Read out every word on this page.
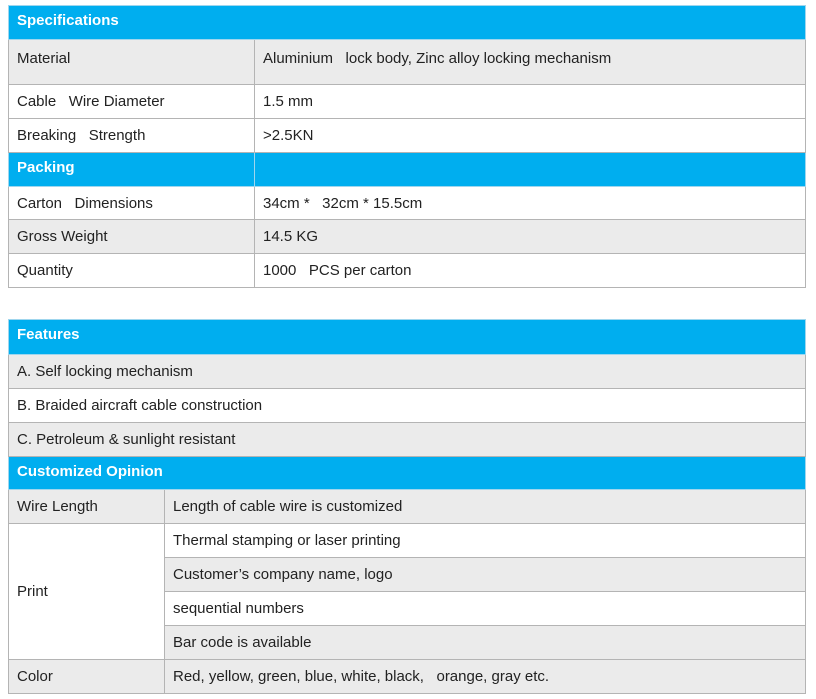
Specifications	
Material	Aluminium   lock body, Zinc alloy locking mechanism
Cable   Wire Diameter	1.5 mm
Breaking   Strength	>2.5KN
Packing	
Carton   Dimensions	34cm *   32cm * 15.5cm
Gross Weight	14.5 KG
Quantity	1000   PCS per carton
Features	
A. Self locking mechanism	
B. Braided aircraft cable construction	
C. Petroleum & sunlight resistant	
Customized Opinion	
Wire Length	Length of cable wire is customized
Print	Thermal stamping or laser printing
	Customer’s company name, logo
	sequential numbers
	Bar code is available
Color	Red, yellow, green, blue, white, black,   orange, gray etc.
